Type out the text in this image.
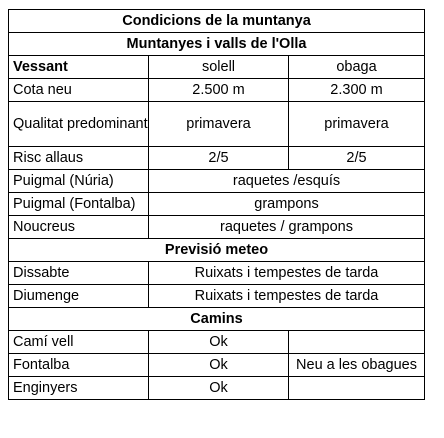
Condicions de la muntanya		
Muntanyes i valls de l'Olla		
Vessant	solell	obaga
Cota neu	2.500 m	2.300 m
Qualitat predominant	primavera	primavera
Risc allaus	2/5	2/5
Puigmal (Núria)	raquetes /esquís	
Puigmal (Fontalba)	grampons	
Noucreus	raquetes / grampons	
Previsió meteo		
Dissabte	Ruixats i tempestes de tarda	
Diumenge	Ruixats i tempestes de tarda	
Camins		
Camí vell	Ok	
Fontalba	Ok	Neu a les obagues
Enginyers	Ok	
